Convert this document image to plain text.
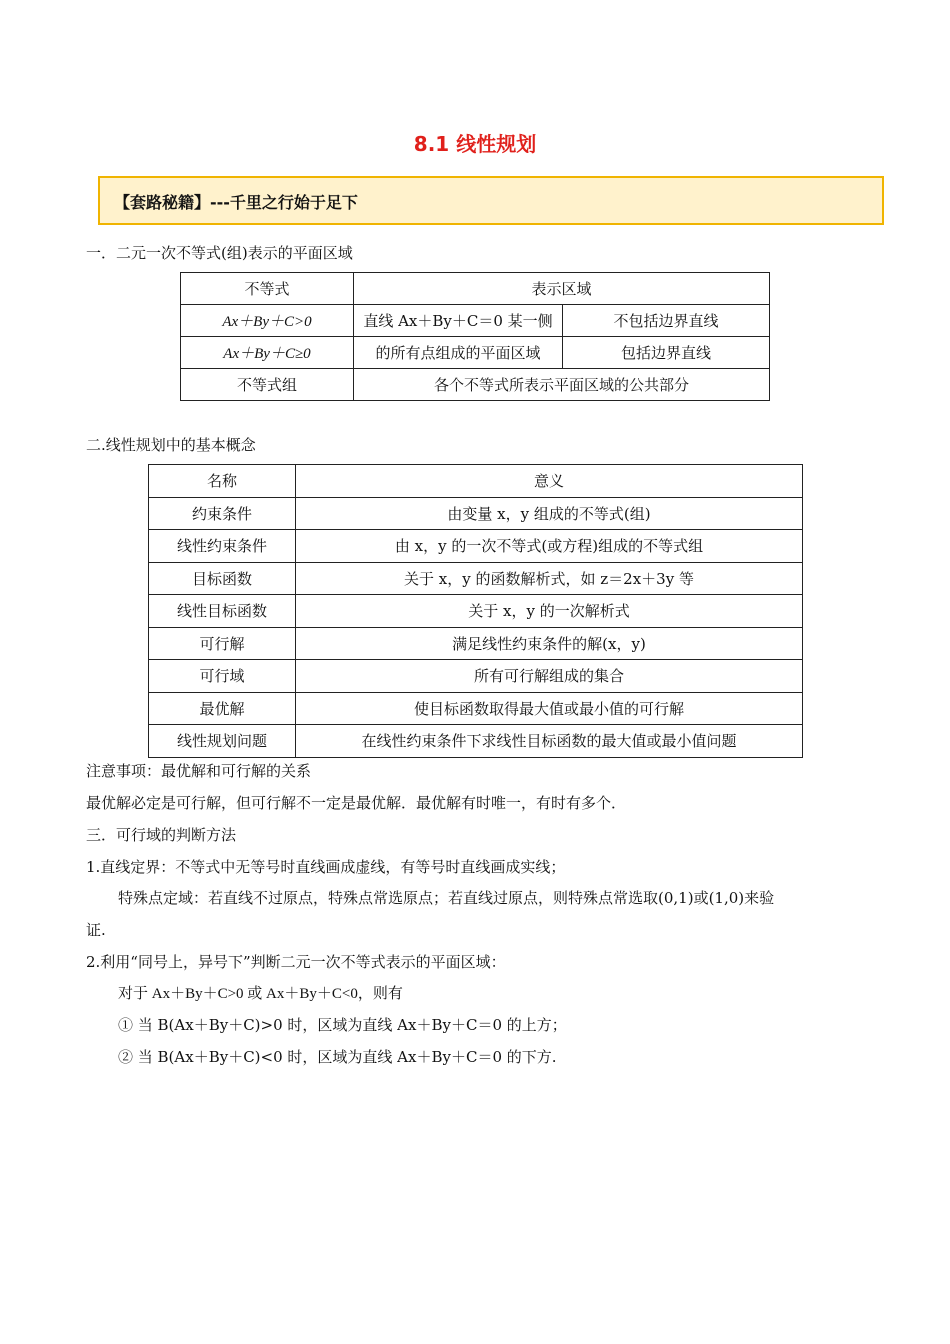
8.1 线性规划
【套路秘籍】---千里之行始于足下
一．二元一次不等式(组)表示的平面区域
不等式	表示区域	
Ax＋By＋C>0	直线 Ax＋By＋C＝0 某一侧	不包括边界直线
Ax＋By＋C≥0	的所有点组成的平面区域	包括边界直线
不等式组	各个不等式所表示平面区域的公共部分	
二.线性规划中的基本概念
名称	意义
约束条件	由变量 x，y 组成的不等式(组)
线性约束条件	由 x，y 的一次不等式(或方程)组成的不等式组
目标函数	关于 x，y 的函数解析式，如 z＝2x＋3y 等
线性目标函数	关于 x，y 的一次解析式
可行解	满足线性约束条件的解(x，y)
可行域	所有可行解组成的集合
最优解	使目标函数取得最大值或最小值的可行解
线性规划问题	在线性约束条件下求线性目标函数的最大值或最小值问题
注意事项：最优解和可行解的关系
最优解必定是可行解，但可行解不一定是最优解．最优解有时唯一，有时有多个．
三．可行域的判断方法
1.直线定界：不等式中无等号时直线画成虚线，有等号时直线画成实线；
特殊点定域：若直线不过原点，特殊点常选原点；若直线过原点，则特殊点常选取(0,1)或(1,0)来验
证.
2.利用“同号上，异号下”判断二元一次不等式表示的平面区域：
对于 Ax＋By＋C>0 或 Ax＋By＋C<0，则有
① 当 B(Ax＋By＋C)>0 时，区域为直线 Ax＋By＋C＝0 的上方；
② 当 B(Ax＋By＋C)<0 时，区域为直线 Ax＋By＋C＝0 的下方.
